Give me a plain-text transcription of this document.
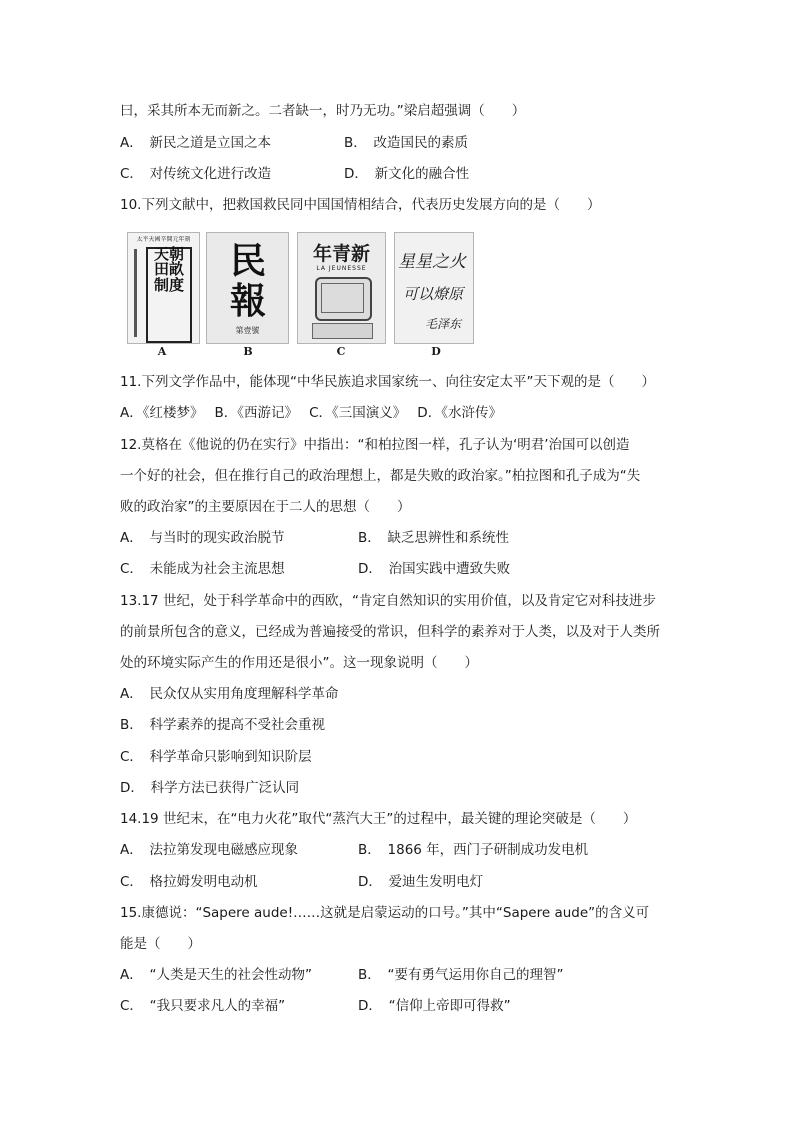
曰，采其所本无而新之。二者缺一，时乃无功。”梁启超强调（　　）
A．　新民之道是立国之本	B．　改造国民的素质
C．　对传统文化进行改造	D．　新文化的融合性
10.下列文献中，把救国救民同中国国情相结合，代表历史发展方向的是（　　）
太平天國辛開元年刻
天朝田畝制度
A
民報
第壹號
B
新青年
LA JEUNESSE
C
星星之火
可以燎原
毛泽东
D
11.下列文学作品中，能体现“中华民族追求国家统一、向往安定太平”天下观的是（　　）
A．《红楼梦》　 B．《西游记》　 C．《三国演义》　 D．《水浒传》
12.莫格在《他说的仍在实行》中指出：“和柏拉图一样，孔子认为‘明君’治国可以创造
一个好的社会，但在推行自己的政治理想上，都是失败的政治家。”柏拉图和孔子成为“失
败的政治家”的主要原因在于二人的思想（　　）
A．　与当时的现实政治脱节	B．　缺乏思辨性和系统性
C．　未能成为社会主流思想	D．　治国实践中遭致失败
13.17 世纪，处于科学革命中的西欧，“肯定自然知识的实用价值，以及肯定它对科技进步
的前景所包含的意义，已经成为普遍接受的常识，但科学的素养对于人类，以及对于人类所
处的环境实际产生的作用还是很小”。这一现象说明（　　）
A．　民众仅从实用角度理解科学革命
B．　科学素养的提高不受社会重视
C．　科学革命只影响到知识阶层
D．　科学方法已获得广泛认同
14.19 世纪末，在“电力火花”取代“蒸汽大王”的过程中，最关键的理论突破是（　　）
A．　法拉第发现电磁感应现象	B．　1866 年，西门子研制成功发电机
C．　格拉姆发明电动机	D．　爱迪生发明电灯
15.康德说：“Sapere aude!……这就是启蒙运动的口号。”其中“Sapere aude”的含义可
能是（　　）
A．　“人类是天生的社会性动物”	B．　“要有勇气运用你自己的理智”
C．　“我只要求凡人的幸福”	D．　“信仰上帝即可得救”
